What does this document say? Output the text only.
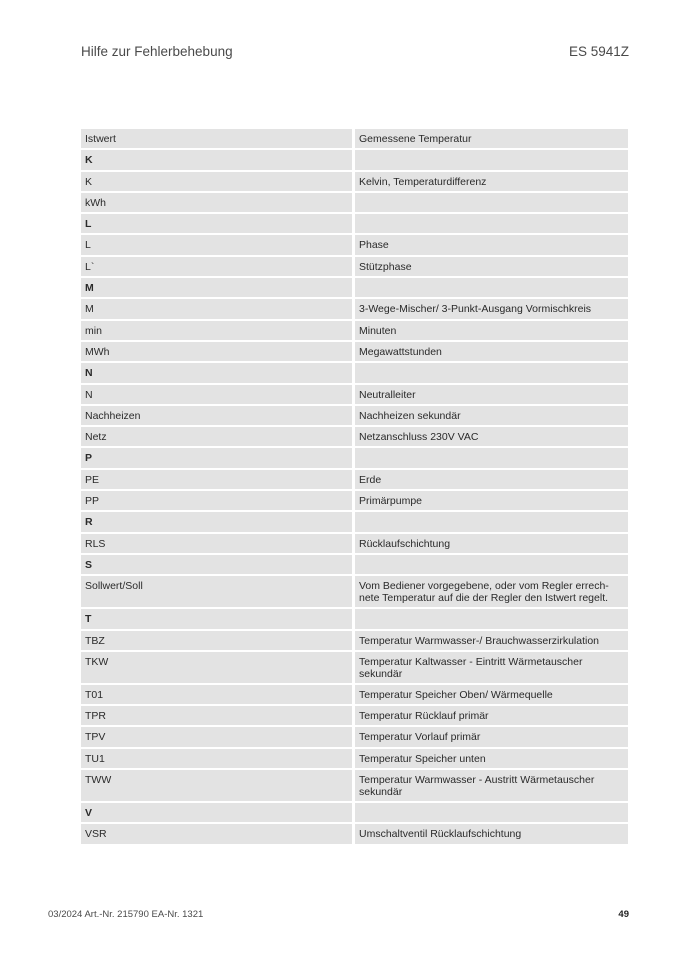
Hilfe zur Fehlerbehebung	ES 5941Z
Istwert	Gemessene Temperatur
K
K	Kelvin, Temperaturdifferenz
kWh
L
L	Phase
L`	Stützphase
M
M	3-Wege-Mischer/ 3-Punkt-Ausgang Vormischkreis
min	Minuten
MWh	Megawattstunden
N
N	Neutralleiter
Nachheizen	Nachheizen sekundär
Netz	Netzanschluss 230V VAC
P
PE	Erde
PP	Primärpumpe
R
RLS	Rücklaufschichtung
S
Sollwert/Soll	Vom Bediener vorgegebene, oder vom Regler errech-
nete Temperatur auf die der Regler den Istwert regelt.
T
TBZ	Temperatur Warmwasser-/ Brauchwasserzirkulation
TKW	Temperatur Kaltwasser - Eintritt Wärmetauscher
sekundär
T01	Temperatur Speicher Oben/ Wärmequelle
TPR	Temperatur Rücklauf primär
TPV	Temperatur Vorlauf primär
TU1	Temperatur Speicher unten
TWW	Temperatur Warmwasser - Austritt Wärmetauscher
sekundär
V
VSR	Umschaltventil Rücklaufschichtung
03/2024 Art.-Nr. 215790 EA-Nr. 1321	49
